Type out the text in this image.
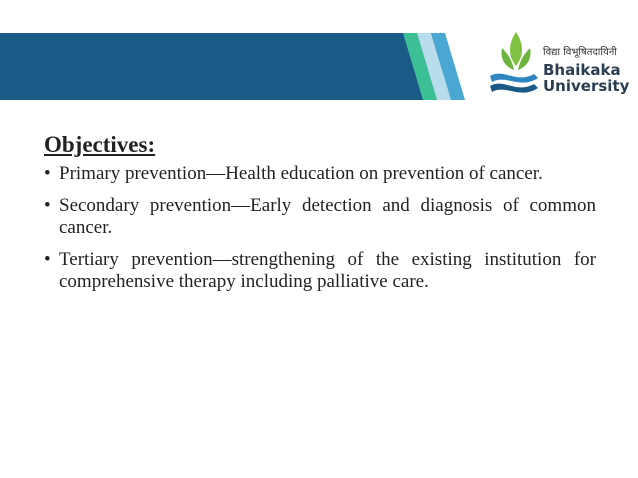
विद्या विभूषितदायिनी
Bhaikaka
University
Objectives:
• Primary prevention—Health education on prevention of cancer.
• Secondary prevention—Early detection and diagnosis of common cancer.
• Tertiary prevention—strengthening of the existing institution for comprehensive therapy including palliative care.
